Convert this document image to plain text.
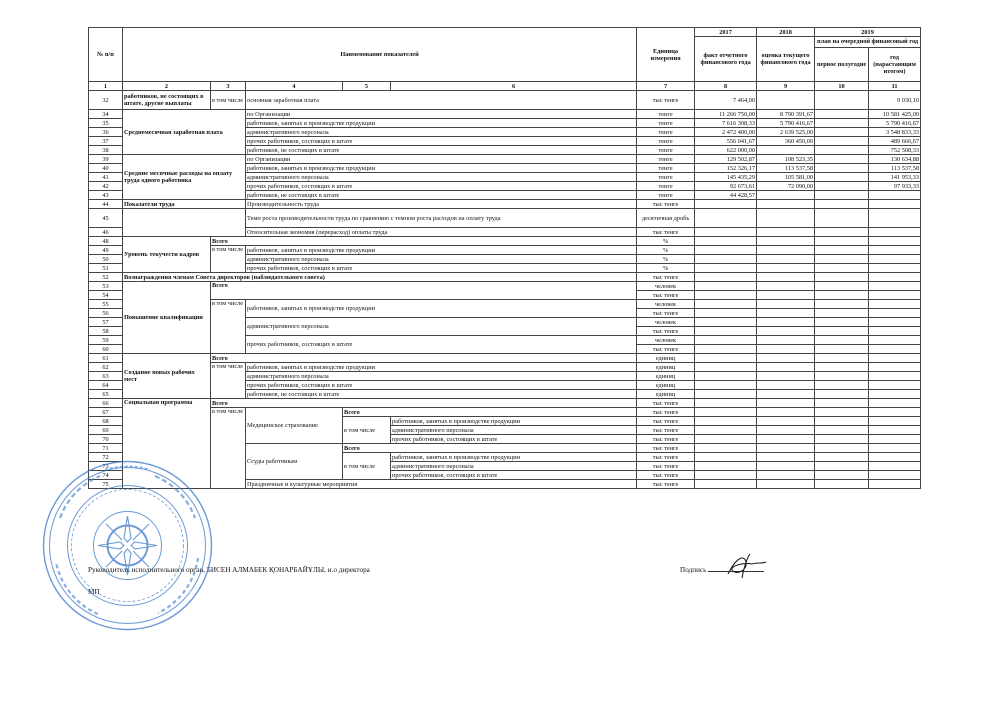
№ п/п	Наименование показателей					Единица измерения	2017	2018	2019	
							факт отчетного финансового года	оценка текущего финансового года	план на очередной финансовый год	
									первое полугодие	год (нарастающим итогом)
1	2	3	4	5	6	7	8	9	10	11
32	работников, не состоящих в штате, другие выплаты	в том числе	основная заработная плата			тыс тенге	7 464,00			9 030,10
34	Среднемесячная заработная плата		по Организации			тенге	11 266 750,00	8 790 391,67		10 581 425,00
35			работников, занятых в производстве продукции			тенге	7 616 308,33	5 790 416,67		5 790 416,67
36			административного персонала			тенге	2 472 400,00	2 639 525,00		3 548 833,33
37			прочих работников, состоящих в штате			тенге	556 041,67	360 450,00		489 666,67
38			работников, не состоящих в штате			тенге	622 000,00			752 508,33
39	Средние месячные расходы на оплату труда одного работника		по Организации			тенге	129 502,87	108 523,35		130 634,88
40			работников, занятых в производстве продукции			тенге	152 326,17	113 537,58		113 537,58
41			административного персонала			тенге	145 435,29	105 581,00		141 953,33
42			прочих работников, состоящих в штате			тенге	92 673,61	72 090,00		97 933,33
43			работников, не состоящих в штате			тенге	44 428,57			
44	Показатели труда		Производительность труда			тыс тенге				
45			Темп роста производительности труда по сравнению с темпом роста расходов на оплату труда			десятичная дробь				
46			Относительная экономия (перерасход) оплаты труда			тыс тенге				
48	Уровень текучести кадров	Всего				%				
49		в том числе	работников, занятых в производстве продукции			%				
50			административного персонала			%				
51			прочих работников, состоящих в штате			%				
52	Вознаграждения членам Совета директоров (наблюдательного совета)					тыс тенге				
53	Повышение квалификации	Всего				человек				
54						тыс тенге				
55		в том числе	работников, занятых в производстве продукции			человек				
56						тыс тенге				
57			административного персонала			человек				
58						тыс тенге				
59			прочих работников, состоящих в штате			человек				
60						тыс тенге				
61	Создание новых рабочих мест	Всего				единиц				
62		в том числе	работников, занятых в производстве продукции			единиц				
63			административного персонала			единиц				
64			прочих работников, состоящих в штате			единиц				
65			работников, не состоящих в штате			единиц				
66	Социальная программа	Всего				тыс тенге				
67		в том числе	Медицинское страхование	Всего		тыс тенге				
68				в том числе	работников, занятых в производстве продукции	тыс тенге				
69					административного персонала	тыс тенге				
70					прочих работников, состоящих в штате	тыс тенге				
71			Ссуды работникам	Всего		тыс тенге				
72				в том числе	работников, занятых в производстве продукции	тыс тенге				
73					административного персонала	тыс тенге				
74					прочих работников, состоящих в штате	тыс тенге				
75			Праздничные и культурные мероприятия			тыс тенге				
Руководитель исполнительного орган, БИСЕН АЛМАБЕК ҚОНАРБАЙҰЛЫ, и.о директора	Подпись
МП
